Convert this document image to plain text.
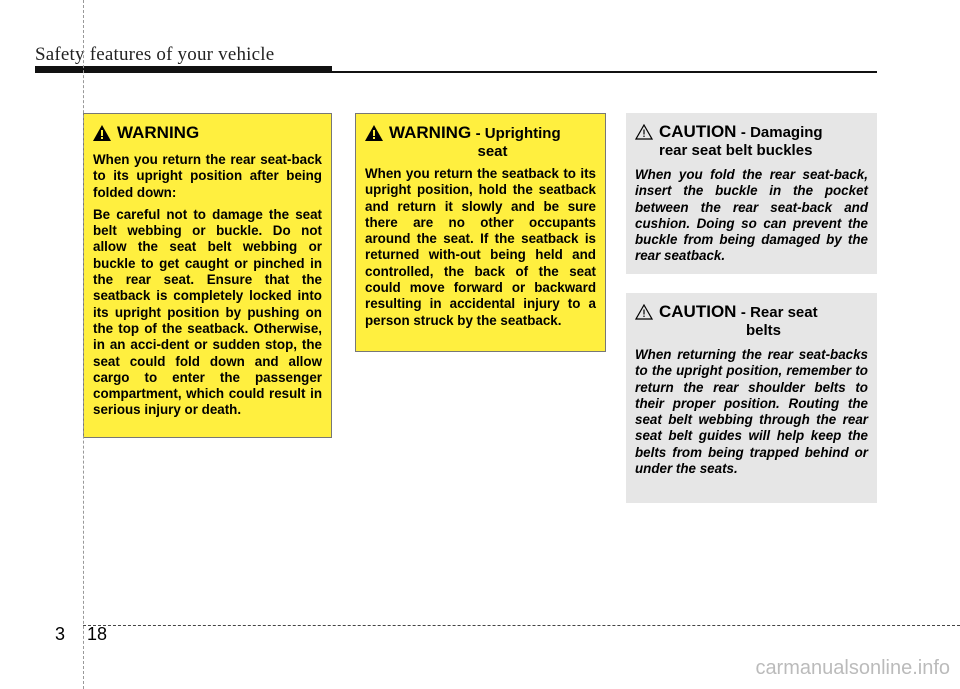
Safety features of your vehicle
WARNING

When you return the rear seat-back to its upright position after being folded down:

Be careful not to damage the seat belt webbing or buckle. Do not allow the seat belt webbing or buckle to get caught or pinched in the rear seat. Ensure that the seatback is completely locked into its upright position by pushing on the top of the seatback. Otherwise, in an acci-dent or sudden stop, the seat could fold down and allow cargo to enter the passenger compartment, which could result in serious injury or death.

WARNING - Uprighting
seat
When you return the seatback to its upright position, hold the seatback and return it slowly and be sure there are no other occupants around the seat. If the seatback is returned with-out being held and controlled, the back of the seat could move forward or backward resulting in accidental injury to a person struck by the seatback.
CAUTION - Damaging
rear seat belt buckles
When you fold the rear seat-back, insert the buckle in the pocket between the rear seat-back and cushion. Doing so can prevent the buckle from being damaged by the rear seatback.
CAUTION - Rear seat
belts
When returning the rear seat-backs to the upright position, remember to return the rear shoulder belts to their proper position. Routing the seat belt webbing through the rear seat belt guides will help keep the belts from being trapped behind or under the seats.
3 18
carmanualsonline.info
